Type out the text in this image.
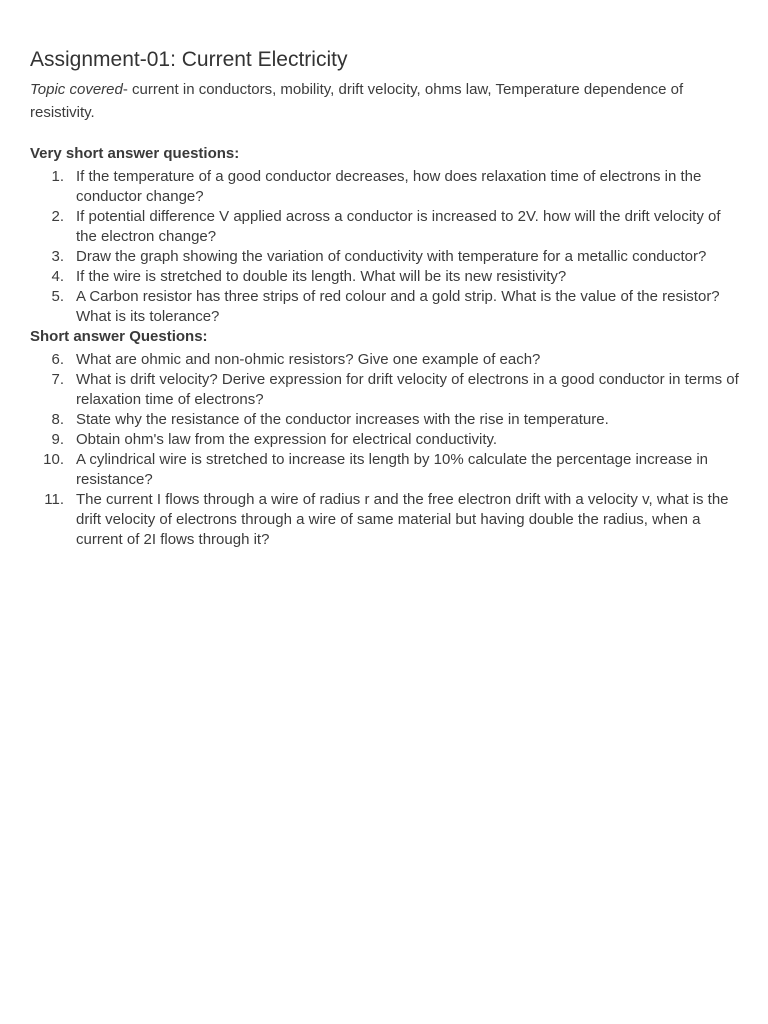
Assignment-01: Current Electricity

Topic covered- current in conductors, mobility, drift velocity, ohms law, Temperature dependence of resistivity.

Very short answer questions:
1. If the temperature of a good conductor decreases, how does relaxation time of electrons in the conductor change?
2. If potential difference V applied across a conductor is increased to 2V. how will the drift velocity of the electron change?
3. Draw the graph showing the variation of conductivity with temperature for a metallic conductor?
4. If the wire is stretched to double its length. What will be its new resistivity?
5. A Carbon resistor has three strips of red colour and a gold strip. What is the value of the resistor? What is its tolerance?
Short answer Questions:
6. What are ohmic and non-ohmic resistors? Give one example of each?
7. What is drift velocity? Derive expression for drift velocity of electrons in a good conductor in terms of relaxation time of electrons?
8. State why the resistance of the conductor increases with the rise in temperature.
9. Obtain ohm's law from the expression for electrical conductivity.
10. A cylindrical wire is stretched to increase its length by 10% calculate the percentage increase in resistance?
11. The current I flows through a wire of radius r and the free electron drift with a velocity v, what is the drift velocity of electrons through a wire of same material but having double the radius, when a current of 2I flows through it?
